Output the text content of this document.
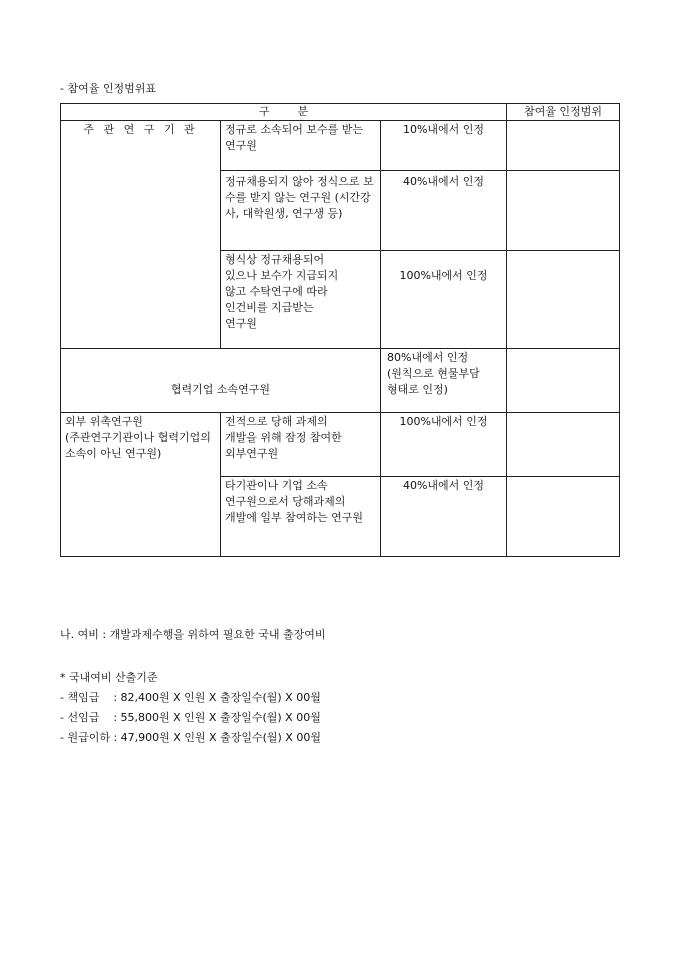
- 참여율 인정범위표
구        분			참여율 인정범위
주 관 연 구 기 관	정규로 소속되어 보수를 받는 연구원	10%내에서 인정	
	정규채용되지 않아 정식으로 보수를 받지 않는 연구원 (시간강사, 대학원생, 연구생 등)	40%내에서 인정	
	형식상 정규채용되어
있으나 보수가 지급되지
않고 수탁연구에 따라
인건비를 지급받는
연구원	100%내에서 인정	
협력기업 소속연구원		80%내에서 인정
(원칙으로 현물부담
형태로 인정)	
외부 위촉연구원
(주관연구기관이나 협력기업의 소속이 아닌 연구원)	전적으로 당해 과제의
개발을 위해 잠정 참여한
외부연구원	100%내에서 인정	
	타기관이나 기업 소속
연구원으로서 당해과제의
개발에 일부 참여하는 연구원	40%내에서 인정	
나. 여비 : 개발과제수행을 위하여 필요한 국내 출장여비
* 국내여비 산출기준
- 책임급    : 82,400원 X 인원 X 출장일수(월) X 00월
- 선임급    : 55,800원 X 인원 X 출장일수(월) X 00월
- 원급이하 : 47,900원 X 인원 X 출장일수(월) X 00월
